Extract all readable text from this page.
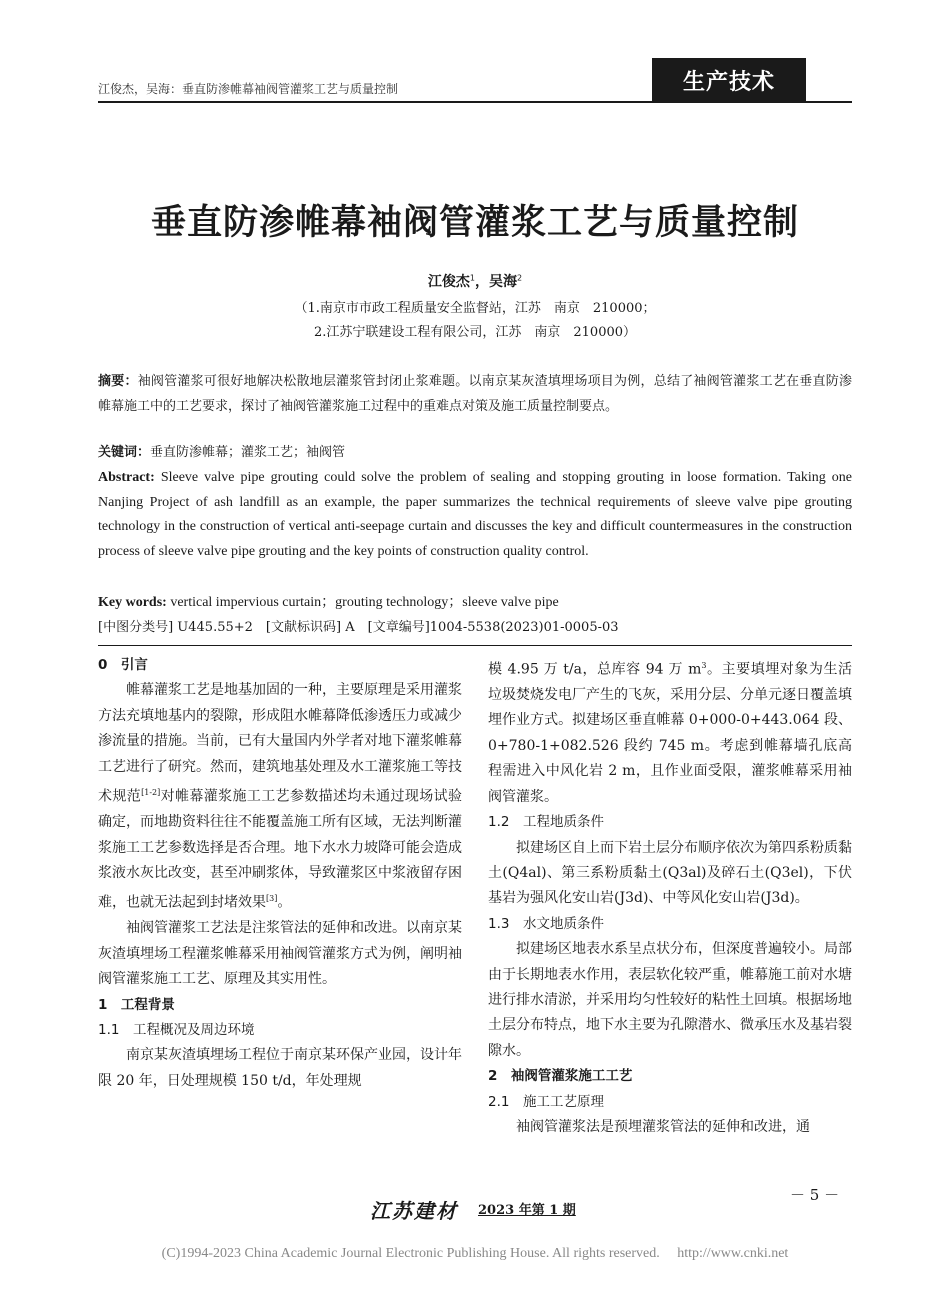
江俊杰，吴海：垂直防渗帷幕袖阀管灌浆工艺与质量控制	生产技术
垂直防渗帷幕袖阀管灌浆工艺与质量控制
江俊杰$^1$，吴海$^2$
（1.南京市市政工程质量安全监督站，江苏　南京　210000；
2.江苏宁联建设工程有限公司，江苏　南京　210000）
摘要：袖阀管灌浆可很好地解决松散地层灌浆管封闭止浆难题。以南京某灰渣填埋场项目为例，总结了袖阀管灌浆工艺在垂直防渗帷幕施工中的工艺要求，探讨了袖阀管灌浆施工过程中的重难点对策及施工质量控制要点。
关键词：垂直防渗帷幕；灌浆工艺；袖阀管
Abstract: Sleeve valve pipe grouting could solve the problem of sealing and stopping grouting in loose formation. Taking one Nanjing Project of ash landfill as an example, the paper summarizes the technical requirements of sleeve valve pipe grouting technology in the construction of vertical anti-seepage curtain and discusses the key and difficult countermeasures in the construction process of sleeve valve pipe grouting and the key points of construction quality control.
Key words: vertical impervious curtain；grouting technology；sleeve valve pipe
[中图分类号] U445.55+2　 [文献标识码] A　 [文章编号]1004-5538(2023)01-0005-03

0　引言

帷幕灌浆工艺是地基加固的一种，主要原理是采用灌浆方法充填地基内的裂隙，形成阻水帷幕降低渗透压力或减少渗流量的措施。当前，已有大量国内外学者对地下灌浆帷幕工艺进行了研究。然而，建筑地基处理及水工灌浆施工等技术规范[1-2]对帷幕灌浆施工工艺参数描述均未通过现场试验确定，而地勘资料往往不能覆盖施工所有区域，无法判断灌浆施工工艺参数选择是否合理。地下水水力坡降可能会造成浆液水灰比改变，甚至冲刷浆体，导致灌浆区中浆液留存困难，也就无法起到封堵效果[3]。

袖阀管灌浆工艺法是注浆管法的延伸和改进。以南京某灰渣填埋场工程灌浆帷幕采用袖阀管灌浆方式为例，阐明袖阀管灌浆施工工艺、原理及其实用性。

1　工程背景

1.1　工程概况及周边环境

南京某灰渣填埋场工程位于南京某环保产业园，设计年限 20 年，日处理规模 150 t/d，年处理规

模 4.95 万 t/a，总库容 94 万 $m^3$。主要填埋对象为生活垃圾焚烧发电厂产生的飞灰，采用分层、分单元逐日覆盖填埋作业方式。拟建场区垂直帷幕 0+000-0+443.064 段、0+780-1+082.526 段约 745 m。考虑到帷幕墙孔底高程需进入中风化岩 2 m，且作业面受限，灌浆帷幕采用袖阀管灌浆。

1.2　工程地质条件

拟建场区自上而下岩土层分布顺序依次为第四系粉质黏土(Q4al)、第三系粉质黏土(Q3al)及碎石土(Q3el)，下伏基岩为强风化安山岩(J3d)、中等风化安山岩(J3d)。

1.3　水文地质条件

拟建场区地表水系呈点状分布，但深度普遍较小。局部由于长期地表水作用，表层软化较严重，帷幕施工前对水塘进行排水清淤，并采用均匀性较好的粘性土回填。根据场地土层分布特点，地下水主要为孔隙潜水、微承压水及基岩裂隙水。

2　袖阀管灌浆施工工艺

2.1　施工工艺原理

袖阀管灌浆法是预埋灌浆管法的延伸和改进，通

－ 5 －
江苏建材 2023 年第 1 期
(C)1994-2023 China Academic Journal Electronic Publishing House. All rights reserved.　 http://www.cnki.net
